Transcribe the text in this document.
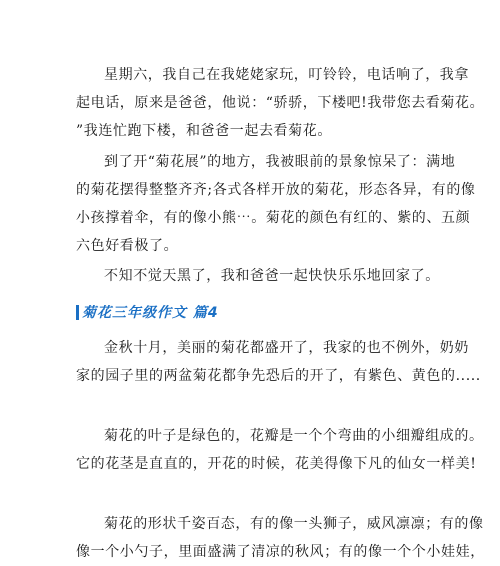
星期六，我自己在我姥姥家玩，叮铃铃，电话响了，我拿
起电话，原来是爸爸，他说：“骄骄，下楼吧!我带您去看菊花。
”我连忙跑下楼，和爸爸一起去看菊花。
到了开“菊花展”的地方，我被眼前的景象惊呆了：满地
的菊花摆得整整齐齐;各式各样开放的菊花，形态各异，有的像
小孩撑着伞，有的像小熊⋯。菊花的颜色有红的、紫的、五颜
六色好看极了。
不知不觉天黑了，我和爸爸一起快快乐乐地回家了。
菊花三年级作文 篇4
金秋十月，美丽的菊花都盛开了，我家的也不例外，奶奶
家的园子里的两盆菊花都争先恐后的开了，有紫色、黄色的.....
菊花的叶子是绿色的，花瓣是一个个弯曲的小细瓣组成的。
它的花茎是直直的，开花的时候，花美得像下凡的仙女一样美!
菊花的形状千姿百态，有的像一头狮子，威风凛凛；有的像
像一个小勺子，里面盛满了清凉的秋风；有的像一个个小娃娃，
